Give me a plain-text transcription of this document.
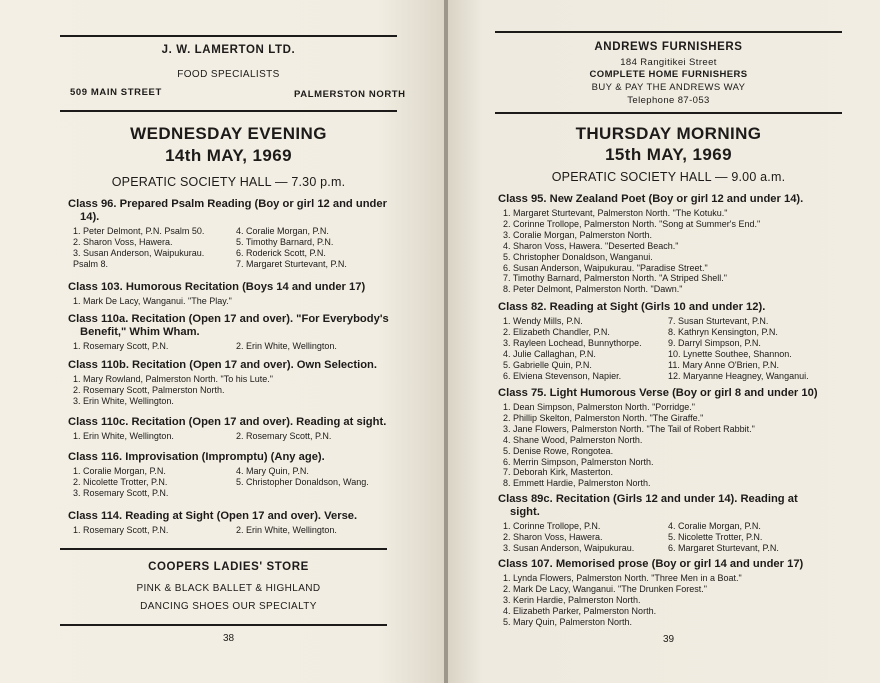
J. W. LAMERTON LTD.
FOOD SPECIALISTS
509 MAIN STREET	PALMERSTON NORTH
WEDNESDAY EVENING
14th MAY, 1969
OPERATIC SOCIETY HALL — 7.30 p.m.
Class 96. Prepared Psalm Reading (Boy or girl 12 and under
14).
1. Peter Delmont, P.N. Psalm 50.
2. Sharon Voss, Hawera.
3. Susan Anderson, Waipukurau.
Psalm 8.
4. Coralie Morgan, P.N.
5. Timothy Barnard, P.N.
6. Roderick Scott, P.N.
7. Margaret Sturtevant, P.N.
Class 103. Humorous Recitation (Boys 14 and under 17)
1. Mark De Lacy, Wanganui. "The Play."
Class 110a. Recitation (Open 17 and over). "For Everybody's
Benefit," Whim Wham.
1. Rosemary Scott, P.N.	2. Erin White, Wellington.
Class 110b. Recitation (Open 17 and over). Own Selection.
1. Mary Rowland, Palmerston North. "To his Lute."
2. Rosemary Scott, Palmerston North.
3. Erin White, Wellington.
Class 110c. Recitation (Open 17 and over). Reading at sight.
1. Erin White, Wellington.	2. Rosemary Scott, P.N.
Class 116. Improvisation (Impromptu) (Any age).
1. Coralie Morgan, P.N.
2. Nicolette Trotter, P.N.
3. Rosemary Scott, P.N.
4. Mary Quin, P.N.
5. Christopher Donaldson, Wang.
Class 114. Reading at Sight (Open 17 and over). Verse.
1. Rosemary Scott, P.N.	2. Erin White, Wellington.
COOPERS LADIES' STORE
PINK & BLACK BALLET & HIGHLAND
DANCING SHOES OUR SPECIALTY
38
ANDREWS FURNISHERS
184 Rangitikei Street
COMPLETE HOME FURNISHERS
BUY & PAY THE ANDREWS WAY
Telephone 87-053
THURSDAY MORNING
15th MAY, 1969
OPERATIC SOCIETY HALL — 9.00 a.m.
Class 95. New Zealand Poet (Boy or girl 12 and under 14).
1. Margaret Sturtevant, Palmerston North. "The Kotuku."
2. Corinne Trollope, Palmerston North. "Song at Summer's End."
3. Coralie Morgan, Palmerston North.
4. Sharon Voss, Hawera. "Deserted Beach."
5. Christopher Donaldson, Wanganui.
6. Susan Anderson, Waipukurau. "Paradise Street."
7. Timothy Barnard, Palmerston North. "A Striped Shell."
8. Peter Delmont, Palmerston North. "Dawn."
Class 82. Reading at Sight (Girls 10 and under 12).
1. Wendy Mills, P.N.
2. Elizabeth Chandler, P.N.
3. Rayleen Lochead, Bunnythorpe.
4. Julie Callaghan, P.N.
5. Gabrielle Quin, P.N.
6. Elviena Stevenson, Napier.
7. Susan Sturtevant, P.N.
8. Kathryn Kensington, P.N.
9. Darryl Simpson, P.N.
10. Lynette Southee, Shannon.
11. Mary Anne O'Brien, P.N.
12. Maryanne Heagney, Wanganui.
Class 75. Light Humorous Verse (Boy or girl 8 and under 10)
1. Dean Simpson, Palmerston North. "Porridge."
2. Phillip Skelton, Palmerston North. "The Giraffe."
3. Jane Flowers, Palmerston North. "The Tail of Robert Rabbit."
4. Shane Wood, Palmerston North.
5. Denise Rowe, Rongotea.
6. Merrin Simpson, Palmerston North.
7. Deborah Kirk, Masterton.
8. Emmett Hardie, Palmerston North.
Class 89c. Recitation (Girls 12 and under 14). Reading at
sight.
1. Corinne Trollope, P.N.
2. Sharon Voss, Hawera.
3. Susan Anderson, Waipukurau.
4. Coralie Morgan, P.N.
5. Nicolette Trotter, P.N.
6. Margaret Sturtevant, P.N.
Class 107. Memorised prose (Boy or girl 14 and under 17)
1. Lynda Flowers, Palmerston North. "Three Men in a Boat."
2. Mark De Lacy, Wanganui. "The Drunken Forest."
3. Kerin Hardie, Palmerston North.
4. Elizabeth Parker, Palmerston North.
5. Mary Quin, Palmerston North.
39
